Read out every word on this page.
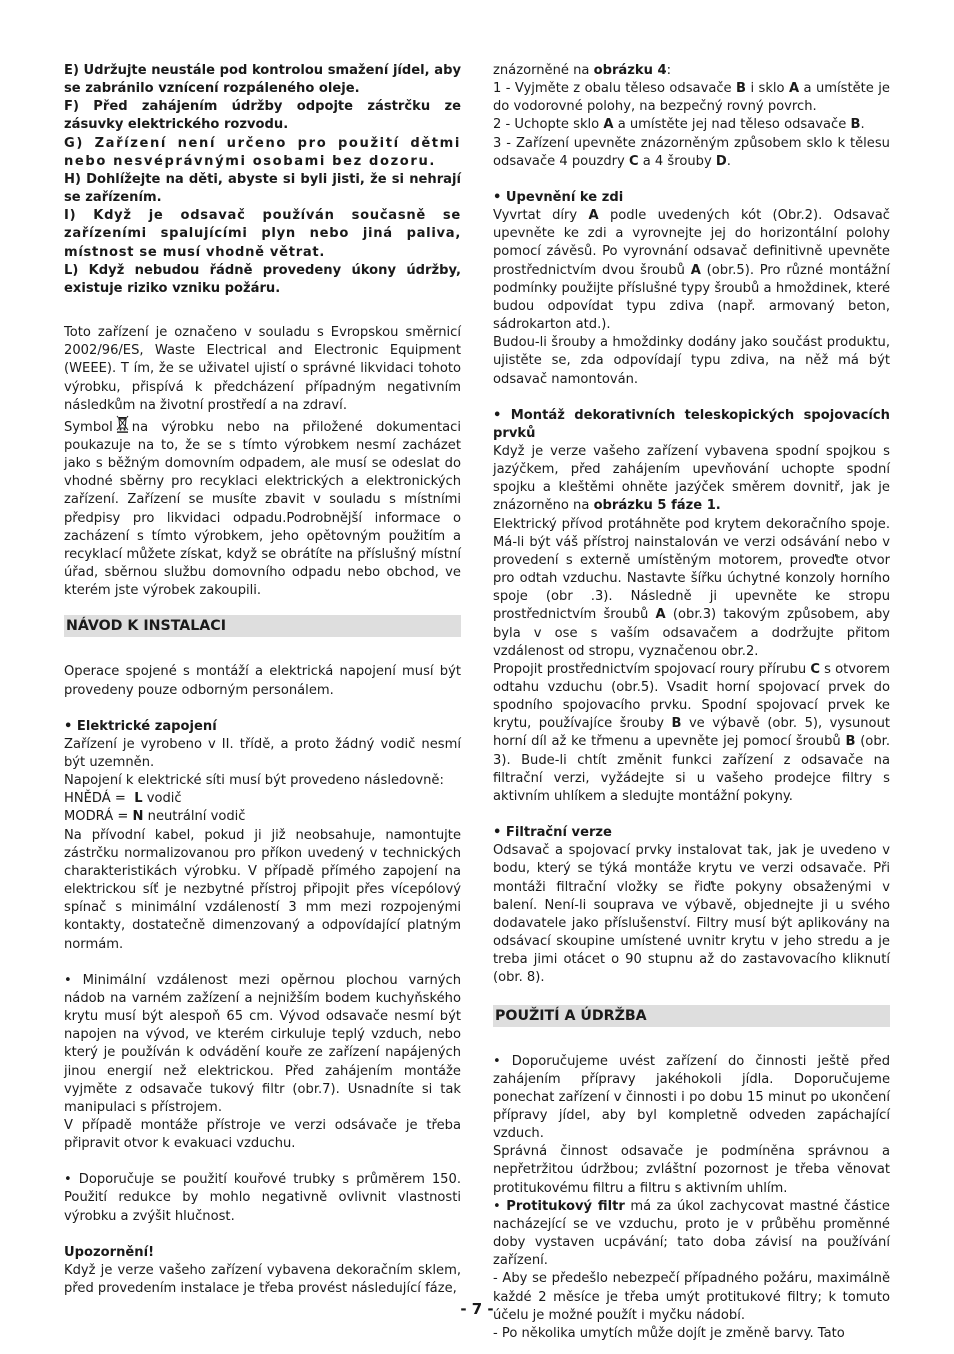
E) Udržujte neustále pod kontrolou smažení jídel, aby se zabránilo vznícení rozpáleného oleje.

F) Před zahájením údržby odpojte zástrčku ze zásuvky elektrického rozvodu.

G) Zařízení není určeno pro použití dětmi nebo nesvéprávnými osobami bez dozoru.

H) Dohlížejte na děti, abyste si byli jisti, že si nehrají se zařízením.

I) Když je odsavač používán současně se zařízeními spalujícími plyn nebo jiná paliva, místnost se musí vhodně větrat.

L) Když nebudou řádně provedeny úkony údržby, existuje riziko vzniku požáru.

Toto zařízení je označeno v souladu s Evropskou směrnicí 2002/96/ES, Waste Electrical and Electronic Equipment (WEEE). T ím, že se uživatel ujistí o správné likvidaci tohoto výrobku, přispívá k předcházení případným negativním následkům na životní prostředí a na zdraví.

Symbol na výrobku nebo na přiložené dokumentaci poukazuje na to, že se s tímto výrobkem nesmí zacházet jako s běžným domovním odpadem, ale musí se odeslat do vhodné sběrny pro recyklaci elektrických a elektronických zařízení. Zařízení se musíte zbavit v souladu s místními předpisy pro likvidaci odpadu.Podrobnější informace o zacházení s tímto výrobkem, jeho opětovným použitím a recyklací můžete získat, když se obrátíte na příslušný místní úřad, sběrnou službu domovního odpadu nebo obchod, ve kterém jste výrobek zakoupili.

NÁVOD K INSTALACI

Operace spojené s montáží a elektrická napojení musí být provedeny pouze odborným personálem.

• Elektrické zapojení

Zařízení je vyrobeno v II. třídě, a proto žádný vodič nesmí být uzemněn.

Napojení k elektrické síti musí být provedeno následovně:

HNĚDÁ = L vodič

MODRÁ = N neutrální vodič

Na přívodní kabel, pokud ji již neobsahuje, namontujte zástrčku normalizovanou pro příkon uvedený v technických charakteristikách výrobku. V případě přímého zapojení na elektrickou síť je nezbytné přístroj připojit přes vícepólový spínač s minimální vzdáleností 3 mm mezi rozpojenými kontakty, dostatečně dimenzovaný a odpovídající platným normám.

• Minimální vzdálenost mezi opěrnou plochou varných nádob na varném zažízení a nejnižším bodem kuchyňského krytu musí být alespoň 65 cm. Vývod odsavače nesmí být napojen na vývod, ve kterém cirkuluje teplý vzduch, nebo který je používán k odvádění kouře ze zařízení napájených jinou energií než elektrickou. Před zahájením montáže vyjměte z odsavače tukový filtr (obr.7). Usnadníte si tak manipulaci s přístrojem.

V případě montáže přístroje ve verzi odsávače je třeba připravit otvor k evakuaci vzduchu.

• Doporučuje se použití kouřové trubky s průměrem 150. Použití redukce by mohlo negativně ovlivnit vlastnosti výrobku a zvýšit hlučnost.

Upozornění!

Když je verze vašeho zařízení vybavena dekoračním sklem, před provedením instalace je třeba provést následující fáze,

znázorněné na obrázku 4:

1 - Vyjměte z obalu těleso odsavače B i sklo A a umístěte je do vodorovné polohy, na bezpečný rovný povrch.

2 - Uchopte sklo A a umístěte jej nad těleso odsavače B.

3 - Zařízení upevněte znázorněným způsobem sklo k tělesu odsavače 4 pouzdry C a 4 šrouby D.

• Upevnění ke zdi

Vyvrtat díry A podle uvedených kót (Obr.2). Odsavač upevněte ke zdi a vyrovnejte jej do horizontální polohy pomocí závěsů. Po vyrovnání odsavač definitivně upevněte prostřednictvím dvou šroubů A (obr.5). Pro různé montážní podmínky použijte příslušné typy šroubů a hmoždinek, které budou odpovídat typu zdiva (např. armovaný beton, sádrokarton atd.).

Budou-li šrouby a hmoždinky dodány jako součást produktu, ujistěte se, zda odpovídají typu zdiva, na něž má být odsavač namontován.

• Montáž dekorativních teleskopických spojovacích prvků

Když je verze vašeho zařízení vybavena spodní spojkou s jazýčkem, před zahájením upevňování uchopte spodní spojku a kleštěmi ohněte jazýček směrem dovnitř, jak je znázorněno na obrázku 5 fáze 1.

Elektrický přívod protáhněte pod krytem dekoračního spoje. Má-li být váš přístroj nainstalován ve verzi odsávání nebo v provedení s externě umístěným motorem, proveďte otvor pro odtah vzduchu. Nastavte šířku úchytné konzoly horního spoje (obr .3). Následně ji upevněte ke stropu prostřednictvím šroubů A (obr.3) takovým způsobem, aby byla v ose s vaším odsavačem a dodržujte přitom vzdálenost od stropu, vyznačenou obr.2.

Propojit prostřednictvím spojovací roury přírubu C s otvorem odtahu vzduchu (obr.5). Vsadit horní spojovací prvek do spodního spojovacího prvku. Spodní spojovací prvek ke krytu, používajíce šrouby B ve výbavě (obr. 5), vysunout horní díl až ke třmenu a upevněte jej pomocí šroubů B (obr. 3). Bude-li chtít změnit funkci zařízení z odsavače na filtrační verzi, vyžádejte si u vašeho prodejce filtry s aktivním uhlíkem a sledujte montážní pokyny.

• Filtrační verze

Odsavač a spojovací prvky instalovat tak, jak je uvedeno v bodu, který se týká montáže krytu ve verzi odsavače. Při montáži filtrační vložky se řiďte pokyny obsaženými v balení. Není-li souprava ve výbavě, objednejte ji u svého dodavatele jako příslušenství. Filtry musí být aplikovány na odsávací skoupine umístené uvnitr krytu v jeho stredu a je treba jimi otácet o 90 stupnu až do zastavovacího kliknutí (obr. 8).

POUŽITÍ A ÚDRŽBA

• Doporučujeme uvést zařízení do činnosti ještě před zahájením přípravy jakéhokoli jídla. Doporučujeme ponechat zařízení v činnosti i po dobu 15 minut po ukončení přípravy jídel, aby byl kompletně odveden zapáchající vzduch.

Správná činnost odsavače je podmíněna správnou a nepřetržitou údržbou; zvláštní pozornost je třeba věnovat protitukovému filtru a filtru s aktivním uhlím.

• Protitukový filtr má za úkol zachycovat mastné částice nacházející se ve vzduchu, proto je v průběhu proměnné doby vystaven ucpávání; tato doba závisí na používání zařízení.

- Aby se předešlo nebezpečí případného požáru, maximálně každé 2 měsíce je třeba umýt protitukové filtry; k tomuto účelu je možné použít i myčku nádobí.

- Po několika umytích může dojít je změně barvy. Tato

- 7 -
